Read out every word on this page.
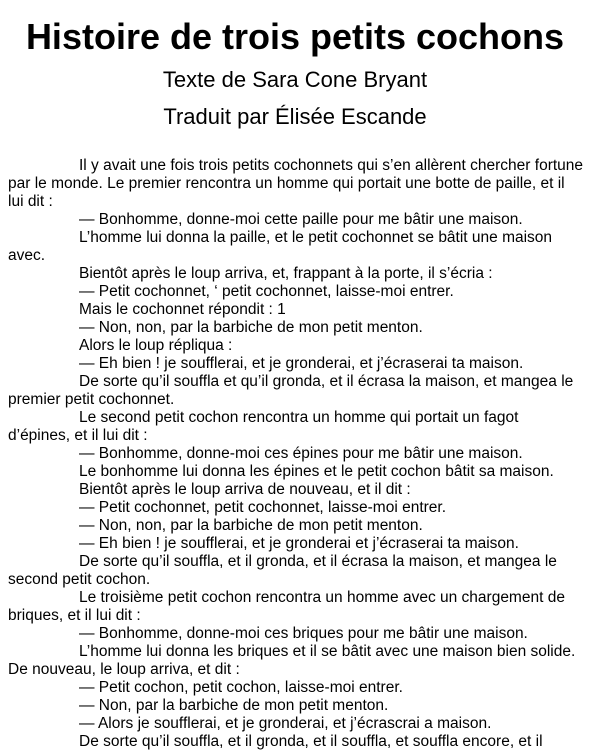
Histoire de trois petits cochons
Texte de Sara Cone Bryant
Traduit par Élisée Escande

Il y avait une fois trois petits cochonnets qui s’en allèrent chercher fortune par le monde. Le premier rencontra un homme qui portait une botte de paille, et il lui dit :

— Bonhomme, donne-moi cette paille pour me bâtir une maison.

L’homme lui donna la paille, et le petit cochonnet se bâtit une maison avec.

Bientôt après le loup arriva, et, frappant à la porte, il s’écria :

— Petit cochonnet, ‘ petit cochonnet, laisse-moi entrer.

Mais le cochonnet répondit : 1

— Non, non, par la barbiche de mon petit menton.

Alors le loup répliqua :

— Eh bien ! je soufflerai, et je gronderai, et j’écraserai ta maison.

De sorte qu’il souffla et qu’il gronda, et il écrasa la maison, et mangea le premier petit cochonnet.

Le second petit cochon rencontra un homme qui portait un fagot d’épines, et il lui dit :

— Bonhomme, donne-moi ces épines pour me bâtir une maison.

Le bonhomme lui donna les épines et le petit cochon bâtit sa maison.

Bientôt après le loup arriva de nouveau, et il dit :

— Petit cochonnet, petit cochonnet, laisse-moi entrer.

— Non, non, par la barbiche de mon petit menton.

— Eh bien ! je soufflerai, et je gronderai et j’écraserai ta maison.

De sorte qu’il souffla, et il gronda, et il écrasa la maison, et mangea le second petit cochon.

Le troisième petit cochon rencontra un homme avec un chargement de briques, et il lui dit :

— Bonhomme, donne-moi ces briques pour me bâtir une maison.

L’homme lui donna les briques et il se bâtit avec une maison bien solide. De nouveau, le loup arriva, et dit :

— Petit cochon, petit cochon, laisse-moi entrer.

— Non, par la barbiche de mon petit menton.

— Alors je soufflerai, et je gronderai, et j’écrascrai a maison.

De sorte qu’il souffla, et il gronda, et il souffla, et souffla encore, et il
